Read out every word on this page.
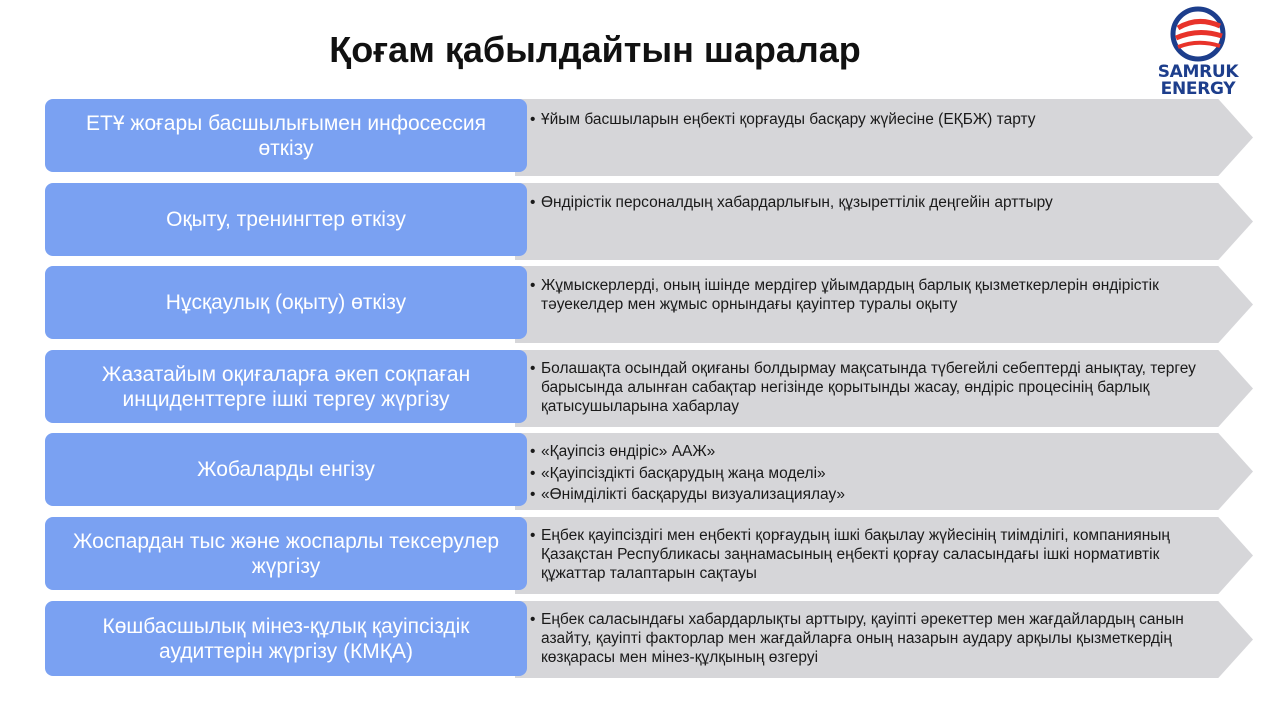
Қоғам қабылдайтын шаралар
SAMRUK
ENERGY
ЕТҰ жоғары басшылығымен инфосессия өткізу
• Ұйым басшыларын еңбекті қорғауды басқару жүйесіне (ЕҚБЖ) тарту
Оқыту, тренингтер өткізу
• Өндірістік персоналдың хабардарлығын, құзыреттілік деңгейін арттыру
Нұсқаулық (оқыту) өткізу
• Жұмыскерлерді, оның ішінде мердігер ұйымдардың барлық қызметкерлерін өндірістік тәуекелдер мен жұмыс орнындағы қауіптер туралы оқыту
Жазатайым оқиғаларға әкеп соқпаған инциденттерге ішкі тергеу жүргізу
• Болашақта осындай оқиғаны болдырмау мақсатында түбегейлі себептерді анықтау, тергеу барысында алынған сабақтар негізінде қорытынды жасау, өндіріс процесінің барлық қатысушыларына хабарлау
Жобаларды енгізу
• «Қауіпсіз өндіріс» ААЖ»
• «Қауіпсіздікті басқарудың жаңа моделі»
• «Өнімділікті басқаруды визуализациялау»
Жоспардан тыс және жоспарлы тексерулер жүргізу
• Еңбек қауіпсіздігі мен еңбекті қорғаудың ішкі бақылау жүйесінің тиімділігі, компанияның Қазақстан Республикасы заңнамасының еңбекті қорғау саласындағы ішкі нормативтік құжаттар талаптарын сақтауы
Көшбасшылық мінез-құлық қауіпсіздік аудиттерін жүргізу (КМҚА)
• Еңбек саласындағы хабардарлықты арттыру, қауіпті әрекеттер мен жағдайлардың санын азайту, қауіпті факторлар мен жағдайларға оның назарын аудару арқылы қызметкердің көзқарасы мен мінез-құлқының өзгеруі
